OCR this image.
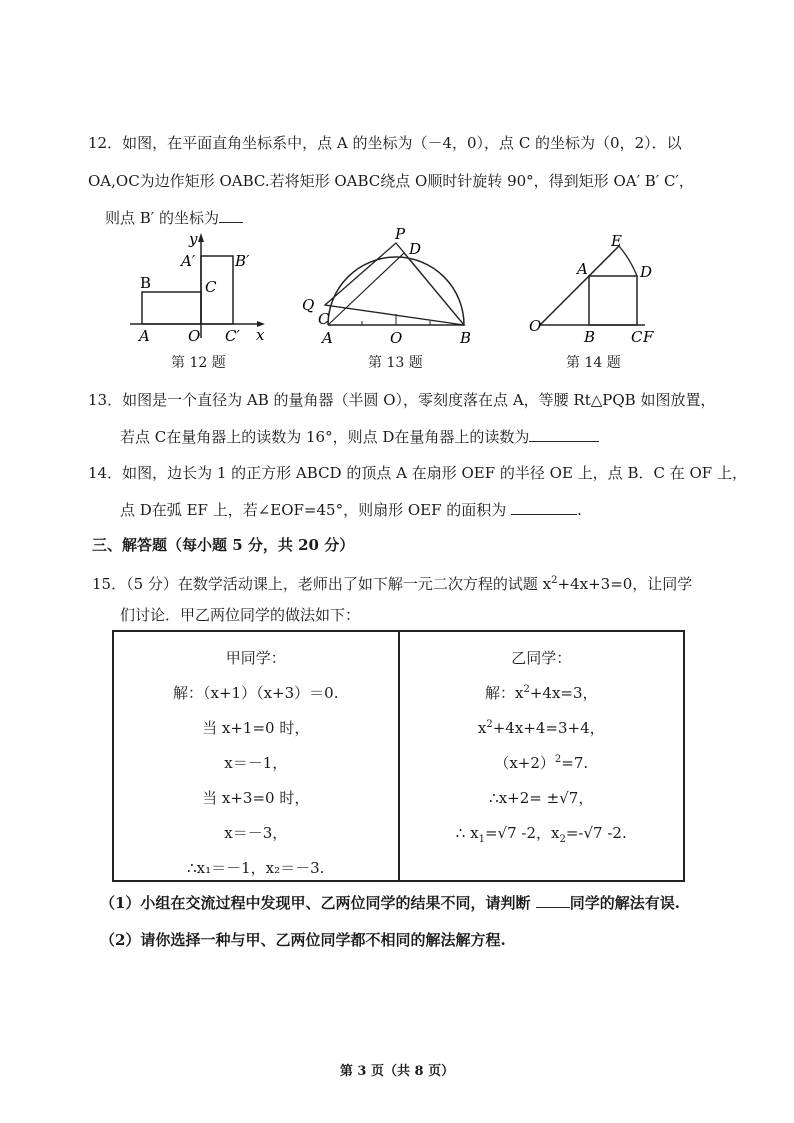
12．如图，在平面直角坐标系中，点 A 的坐标为（－4，0），点 C 的坐标为（0，2）．以
OA,OC为边作矩形 OABC.若将矩形 OABC绕点 O顺时针旋转 90°，得到矩形 OA′ B′ C′，
则点 B′ 的坐标为
y
A′	B′
B	C
A	O C′ x
第 12 题
P
D
Q
C
A	O	B
第 13 题
E
A	D
O
B C F
第 14 题
13．如图是一个直径为 AB 的量角器（半圆 O），零刻度落在点 A，等腰 Rt△PQB 如图放置，
若点 C在量角器上的读数为 16°，则点 D在量角器上的读数为
14．如图，边长为 1 的正方形 ABCD 的顶点 A 在扇形 OEF 的半径 OE 上，点 B．C 在 OF 上，
点 D在弧 EF 上，若∠EOF=45°，则扇形 OEF 的面积为	.
三、解答题（每小题 5 分，共 20 分）
15．（5 分）在数学活动课上，老师出了如下解一元二次方程的试题 $x^2+4x+3=0$，让同学
们讨论．甲乙两位同学的做法如下：
甲同学：
解：（x+1）（x+3）＝0.
当 x+1=0 时，
x＝－1，
当 x+3=0 时，
x＝－3，
∴x₁＝－1，x₂＝－3.

乙同学：
解：$x^2+4x=3$，
$x^2+4x+4=3+4$，
$(x+2)^2=7$.
∴x+2= ±√7，
∴ $x_1=√7$ -2，$x_2=-√7$ -2.
（1）小组在交流过程中发现甲、乙两位同学的结果不同，请判断	同学的解法有误.
（2）请你选择一种与甲、乙两位同学都不相同的解法解方程.
第 3 页（共 8 页）
